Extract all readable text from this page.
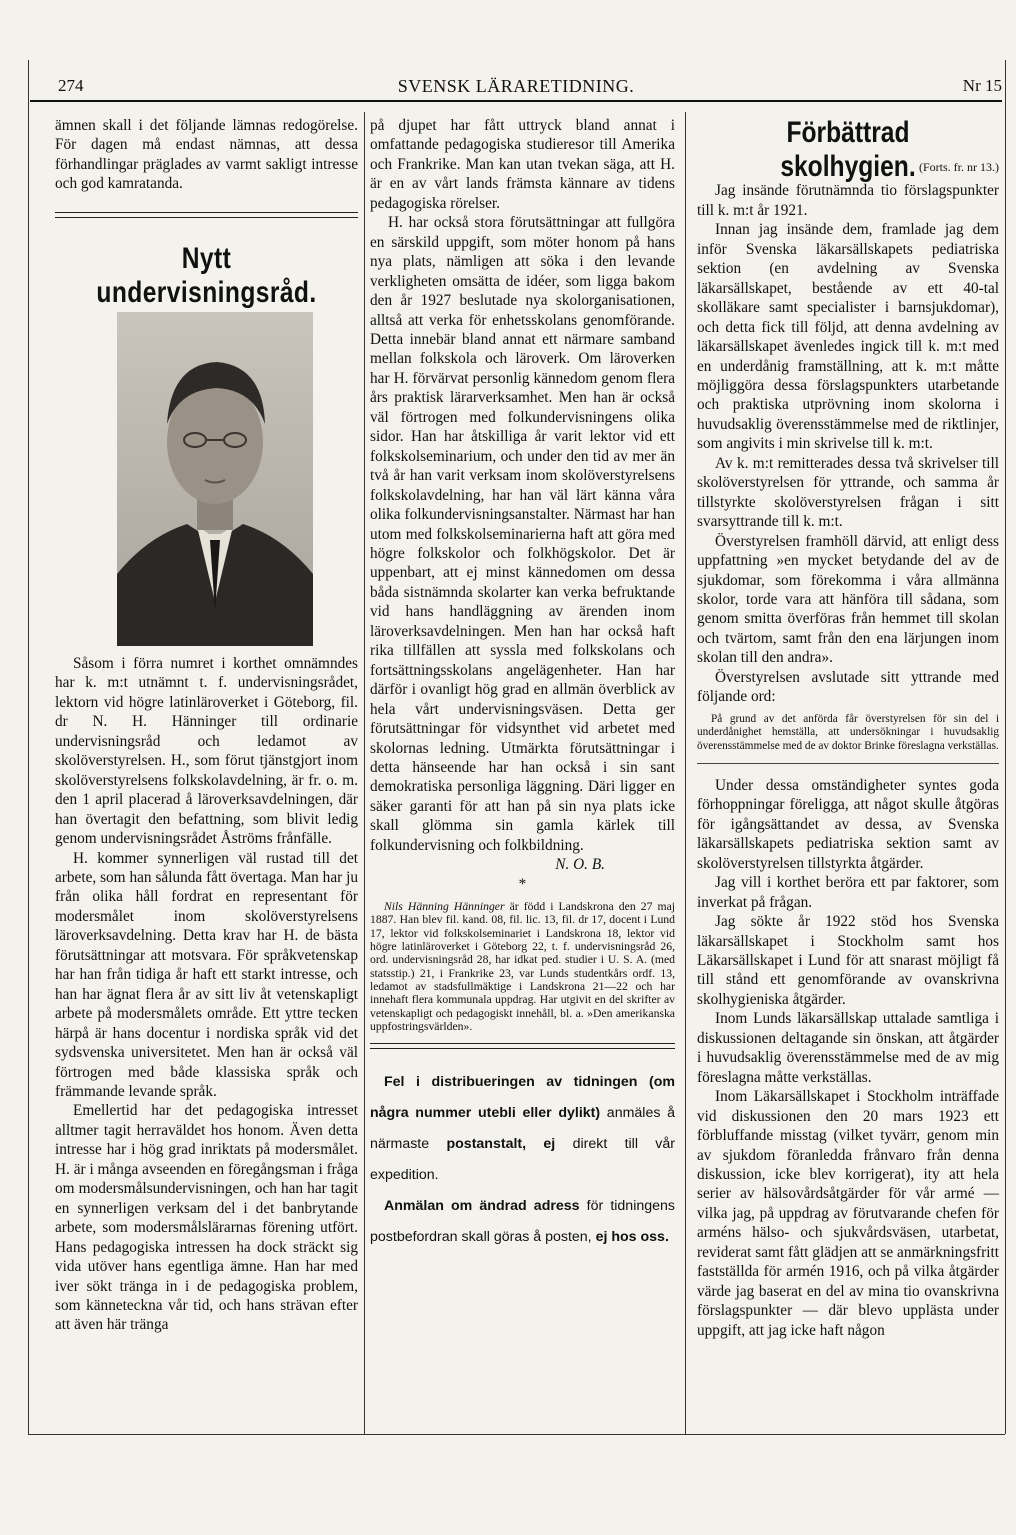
274	SVENSK LÄRARETIDNING.	Nr 15

ämnen skall i det följande lämnas redogörelse. För dagen må endast nämnas, att dessa förhandlingar präglades av varmt sakligt intresse och god kamratanda.

Nytt undervisningsråd.

Såsom i förra numret i korthet omnämndes har k. m:t utnämnt t. f. undervisningsrådet, lektorn vid högre latinläroverket i Göteborg, fil. dr N. H. Hänninger till ordinarie undervisningsråd och ledamot av skolöverstyrelsen. H., som förut tjänstgjort inom skolöverstyrelsens folkskolavdelning, är fr. o. m. den 1 april placerad å läroverksavdelningen, där han övertagit den befattning, som blivit ledig genom undervisningsrådet Åströms frånfälle.

H. kommer synnerligen väl rustad till det arbete, som han sålunda fått övertaga. Man har ju från olika håll fordrat en representant för modersmålet inom skolöverstyrelsens läroverksavdelning. Detta krav har H. de bästa förutsättningar att motsvara. För språkvetenskap har han från tidiga år haft ett starkt intresse, och han har ägnat flera år av sitt liv åt vetenskapligt arbete på modersmålets område. Ett yttre tecken härpå är hans docentur i nordiska språk vid det sydsvenska universitetet. Men han är också väl förtrogen med både klassiska språk och främmande levande språk.

Emellertid har det pedagogiska intresset alltmer tagit herraväldet hos honom. Även detta intresse har i hög grad inriktats på modersmålet. H. är i många avseenden en föregångsman i fråga om modersmålsundervisningen, och han har tagit en synnerligen verksam del i det banbrytande arbete, som modersmålslärarnas förening utfört. Hans pedagogiska intressen ha dock sträckt sig vida utöver hans egentliga ämne. Han har med iver sökt tränga in i de pedagogiska problem, som känneteckna vår tid, och hans strävan efter att även här tränga

på djupet har fått uttryck bland annat i omfattande pedagogiska studieresor till Amerika och Frankrike. Man kan utan tvekan säga, att H. är en av vårt lands främsta kännare av tidens pedagogiska rörelser.

H. har också stora förutsättningar att fullgöra en särskild uppgift, som möter honom på hans nya plats, nämligen att söka i den levande verkligheten omsätta de idéer, som ligga bakom den år 1927 beslutade nya skolorganisationen, alltså att verka för enhetsskolans genomförande. Detta innebär bland annat ett närmare samband mellan folkskola och läroverk. Om läroverken har H. förvärvat personlig kännedom genom flera års praktisk lärarverksamhet. Men han är också väl förtrogen med folkundervisningens olika sidor. Han har åtskilliga år varit lektor vid ett folkskolseminarium, och under den tid av mer än två år han varit verksam inom skolöverstyrelsens folkskolavdelning, har han väl lärt känna våra olika folkundervisningsanstalter. Närmast har han utom med folkskolseminarierna haft att göra med högre folkskolor och folkhögskolor. Det är uppenbart, att ej minst kännedomen om dessa båda sistnämnda skolarter kan verka befruktande vid hans handläggning av ärenden inom läroverksavdelningen. Men han har också haft rika tillfällen att syssla med folkskolans och fortsättningsskolans angelägenheter. Han har därför i ovanligt hög grad en allmän överblick av hela vårt undervisningsväsen. Detta ger förutsättningar för vidsynthet vid arbetet med skolornas ledning. Utmärkta förutsättningar i detta hänseende har han också i sin sant demokratiska personliga läggning. Däri ligger en säker garanti för att han på sin nya plats icke skall glömma sin gamla kärlek till folkundervisning och folkbildning.

N. O. B.

*

Nils Hänning Hänninger är född i Landskrona den 27 maj 1887. Han blev fil. kand. 08, fil. lic. 13, fil. dr 17, docent i Lund 17, lektor vid folkskolseminariet i Landskrona 18, lektor vid högre latinläroverket i Göteborg 22, t. f. undervisningsråd 26, ord. undervisningsråd 28, har idkat ped. studier i U. S. A. (med statsstip.) 21, i Frankrike 23, var Lunds studentkårs ordf. 13, ledamot av stadsfullmäktige i Landskrona 21—22 och har innehaft flera kommunala uppdrag. Har utgivit en del skrifter av vetenskapligt och pedagogiskt innehåll, bl. a. »Den amerikanska uppfostringsvärlden».

Fel i distribueringen av tidningen (om några nummer utebli eller dylikt) anmäles å närmaste postanstalt, ej direkt till vår expedition.

Anmälan om ändrad adress för tidningens postbefordran skall göras å posten, ej hos oss.

Förbättrad skolhygien. (Forts. fr. nr 13.)

Jag insände förutnämnda tio förslagspunkter till k. m:t år 1921.

Innan jag insände dem, framlade jag dem inför Svenska läkarsällskapets pediatriska sektion (en avdelning av Svenska läkarsällskapet, bestående av ett 40-tal skolläkare samt specialister i barnsjukdomar), och detta fick till följd, att denna avdelning av läkarsällskapet ävenledes ingick till k. m:t med en underdånig framställning, att k. m:t måtte möjliggöra dessa förslagspunkters utarbetande och praktiska utprövning inom skolorna i huvudsaklig överensstämmelse med de riktlinjer, som angivits i min skrivelse till k. m:t.

Av k. m:t remitterades dessa två skrivelser till skolöverstyrelsen för yttrande, och samma år tillstyrkte skolöverstyrelsen frågan i sitt svarsyttrande till k. m:t.

Överstyrelsen framhöll därvid, att enligt dess uppfattning »en mycket betydande del av de sjukdomar, som förekomma i våra allmänna skolor, torde vara att hänföra till sådana, som genom smitta överföras från hemmet till skolan och tvärtom, samt från den ena lärjungen inom skolan till den andra».

Överstyrelsen avslutade sitt yttrande med följande ord:

På grund av det anförda får överstyrelsen för sin del i underdånighet hemställa, att undersökningar i huvudsaklig överensstämmelse med de av doktor Brinke föreslagna verkställas.

Under dessa omständigheter syntes goda förhoppningar föreligga, att något skulle åtgöras för igångsättandet av dessa, av Svenska läkarsällskapets pediatriska sektion samt av skolöverstyrelsen tillstyrkta åtgärder.

Jag vill i korthet beröra ett par faktorer, som inverkat på frågan.

Jag sökte år 1922 stöd hos Svenska läkarsällskapet i Stockholm samt hos Läkarsällskapet i Lund för att snarast möjligt få till stånd ett genomförande av ovanskrivna skolhygieniska åtgärder.

Inom Lunds läkarsällskap uttalade samtliga i diskussionen deltagande sin önskan, att åtgärder i huvudsaklig överensstämmelse med de av mig föreslagna måtte verkställas.

Inom Läkarsällskapet i Stockholm inträffade vid diskussionen den 20 mars 1923 ett förbluffande misstag (vilket tyvärr, genom min av sjukdom föranledda frånvaro från denna diskussion, icke blev korrigerat), ity att hela serier av hälsovårdsåtgärder för vår armé — vilka jag, på uppdrag av förutvarande chefen för arméns hälso- och sjukvårdsväsen, utarbetat, reviderat samt fått glädjen att se anmärkningsfritt fastställda för armén 1916, och på vilka åtgärder värde jag baserat en del av mina tio ovanskrivna förslagspunkter — där blevo upplästa under uppgift, att jag icke haft någon
